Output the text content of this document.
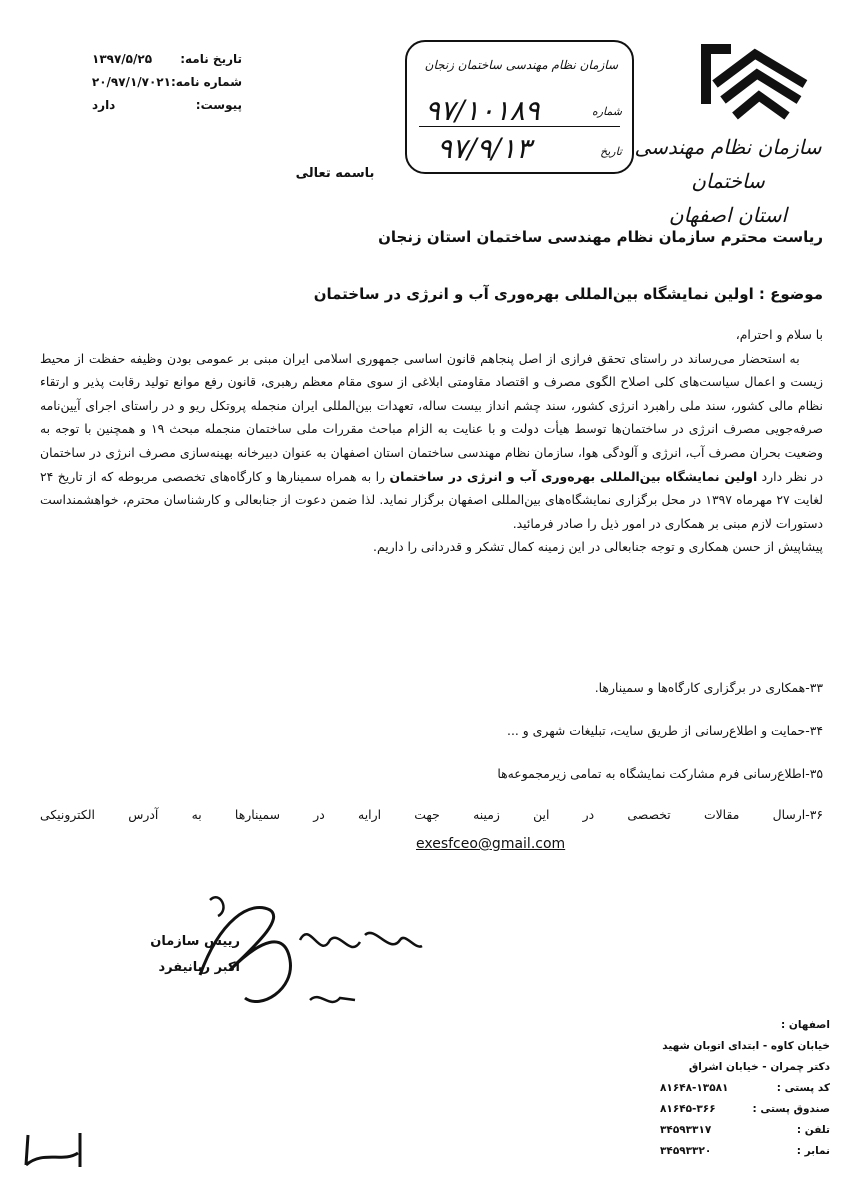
تاریخ نامه:
۱۳۹۷/۵/۲۵
شماره نامه:
۲۰/۹۷/۱/۷۰۲۱
پیوست:
دارد
سازمان نظام مهندسی ساختمان زنجان
شماره
۹۷/۱۰۱۸۹
تاریخ
۹۷/۹/۱۳	سازمان نظام مهندسی ساختمان
استان اصفهان
باسمه تعالی
ریاست محترم سازمان نظام مهندسی ساختمان استان زنجان
موضوع : اولین نمایشگاه بین‌المللی بهره‌وری آب و انرژی در ساختمان

با سلام و احترام،

به استحضار می‌رساند در راستای تحقق فرازی از اصل پنجاهم قانون اساسی جمهوری اسلامی ایران مبنی بر عمومی بودن وظیفه حفظت از محیط زیست و اعمال سیاست‌های کلی اصلاح الگوی مصرف و اقتصاد مقاومتی ابلاغی از سوی مقام معظم رهبری، قانون رفع موانع تولید رقابت پذیر و ارتقاء نظام مالی کشور، سند ملی راهبرد انرژی کشور، سند چشم انداز بیست ساله، تعهدات بین‌المللی ایران منجمله پروتکل ریو و در راستای اجرای آیین‌نامه صرفه‌جویی مصرف انرژی در ساختمان‌ها توسط هیأت دولت و با عنایت به الزام مباحث مقررات ملی ساختمان منجمله مبحث ۱۹ و همچنین با توجه به وضعیت بحران مصرف آب، انرژی و آلودگی هوا، سازمان نظام مهندسی ساختمان استان اصفهان به عنوان دبیرخانه بهینه‌سازی مصرف انرژی در ساختمان در نظر دارد اولین نمایشگاه بین‌المللی بهره‌وری آب و انرژی در ساختمان را به همراه سمینارها و کارگاه‌های تخصصی مربوطه که از تاریخ ۲۴ لغایت ۲۷ مهرماه ۱۳۹۷ در محل برگزاری نمایشگاه‌های بین‌المللی اصفهان برگزار نماید. لذا ضمن دعوت از جنابعالی و کارشناسان محترم، خواهشمنداست دستورات لازم مبنی بر همکاری در امور ذیل را صادر فرمائید.

پیشاپیش از حسن همکاری و توجه جنابعالی در این زمینه کمال تشکر و قدردانی را داریم.

۳۳-همکاری در برگزاری کارگاه‌ها و سمینارها.
۳۴-حمایت و اطلاع‌رسانی از طریق سایت، تبلیغات شهری و ...
۳۵-اطلاع‌رسانی فرم مشارکت نمایشگاه به تمامی زیرمجموعه‌ها
۳۶-ارسال مقالات تخصصی در این زمینه جهت ارایه در سمینارها به آدرس الکترونیکی
exesfceo@gmail.com
رییس سازمان
اکبر ربانیفرد
اصفهان :
خیابان کاوه - ابتدای اتوبان شهید
دکتر چمران - خیابان اشراق
کد پستی :
۸۱۶۴۸-۱۳۵۸۱
صندوق پستی :
۸۱۶۴۵-۳۶۶
تلفن :
۳۴۵۹۳۳۱۷
نمابر :
۳۴۵۹۳۳۲۰
